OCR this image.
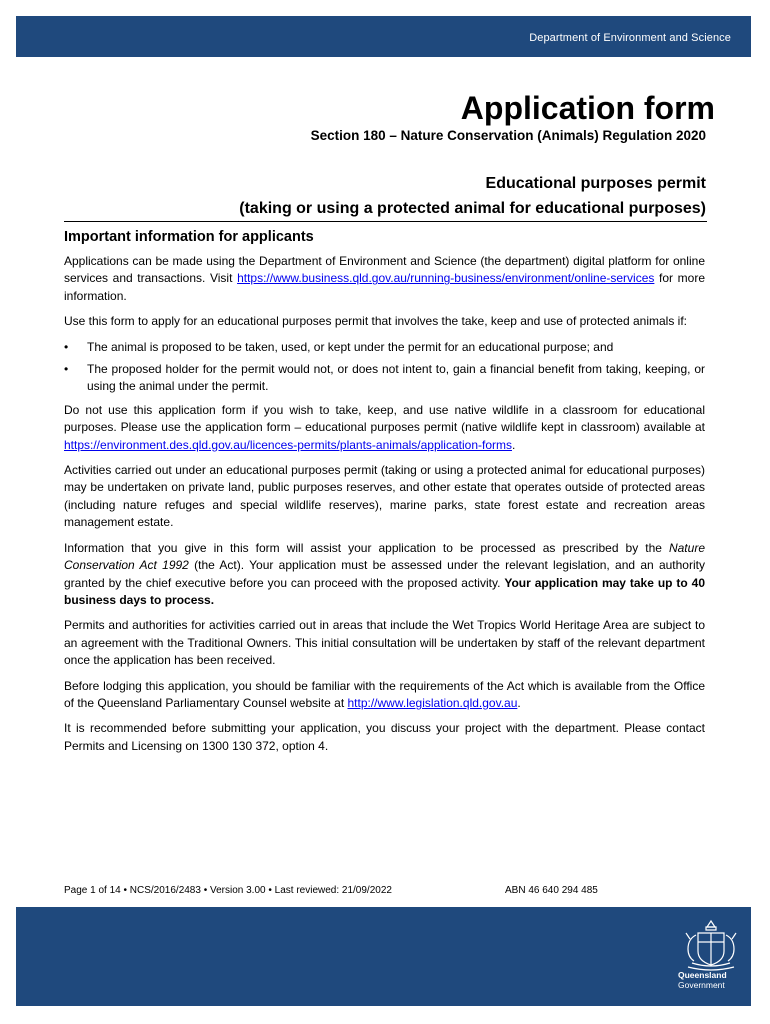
Department of Environment and Science
Application form
Section 180 – Nature Conservation (Animals) Regulation 2020
Educational purposes permit
(taking or using a protected animal for educational purposes)
Important information for applicants

Applications can be made using the Department of Environment and Science (the department) digital platform for online services and transactions. Visit https://www.business.qld.gov.au/running-business/environment/online-services for more information.

Use this form to apply for an educational purposes permit that involves the take, keep and use of protected animals if:

• The animal is proposed to be taken, used, or kept under the permit for an educational purpose; and
• The proposed holder for the permit would not, or does not intent to, gain a financial benefit from taking, keeping, or using the animal under the permit.

Do not use this application form if you wish to take, keep, and use native wildlife in a classroom for educational purposes. Please use the application form – educational purposes permit (native wildlife kept in classroom) available at https://environment.des.qld.gov.au/licences-permits/plants-animals/application-forms.

Activities carried out under an educational purposes permit (taking or using a protected animal for educational purposes) may be undertaken on private land, public purposes reserves, and other estate that operates outside of protected areas (including nature refuges and special wildlife reserves), marine parks, state forest estate and recreation areas management estate.

Information that you give in this form will assist your application to be processed as prescribed by the Nature Conservation Act 1992 (the Act). Your application must be assessed under the relevant legislation, and an authority granted by the chief executive before you can proceed with the proposed activity. Your application may take up to 40 business days to process.

Permits and authorities for activities carried out in areas that include the Wet Tropics World Heritage Area are subject to an agreement with the Traditional Owners. This initial consultation will be undertaken by staff of the relevant department once the application has been received.

Before lodging this application, you should be familiar with the requirements of the Act which is available from the Office of the Queensland Parliamentary Counsel website at http://www.legislation.qld.gov.au.

It is recommended before submitting your application, you discuss your project with the department. Please contact Permits and Licensing on 1300 130 372, option 4.

Page 1 of 14 • NCS/2016/2483 • Version 3.00 • Last reviewed: 21/09/2022	ABN 46 640 294 485
Queensland
Government
